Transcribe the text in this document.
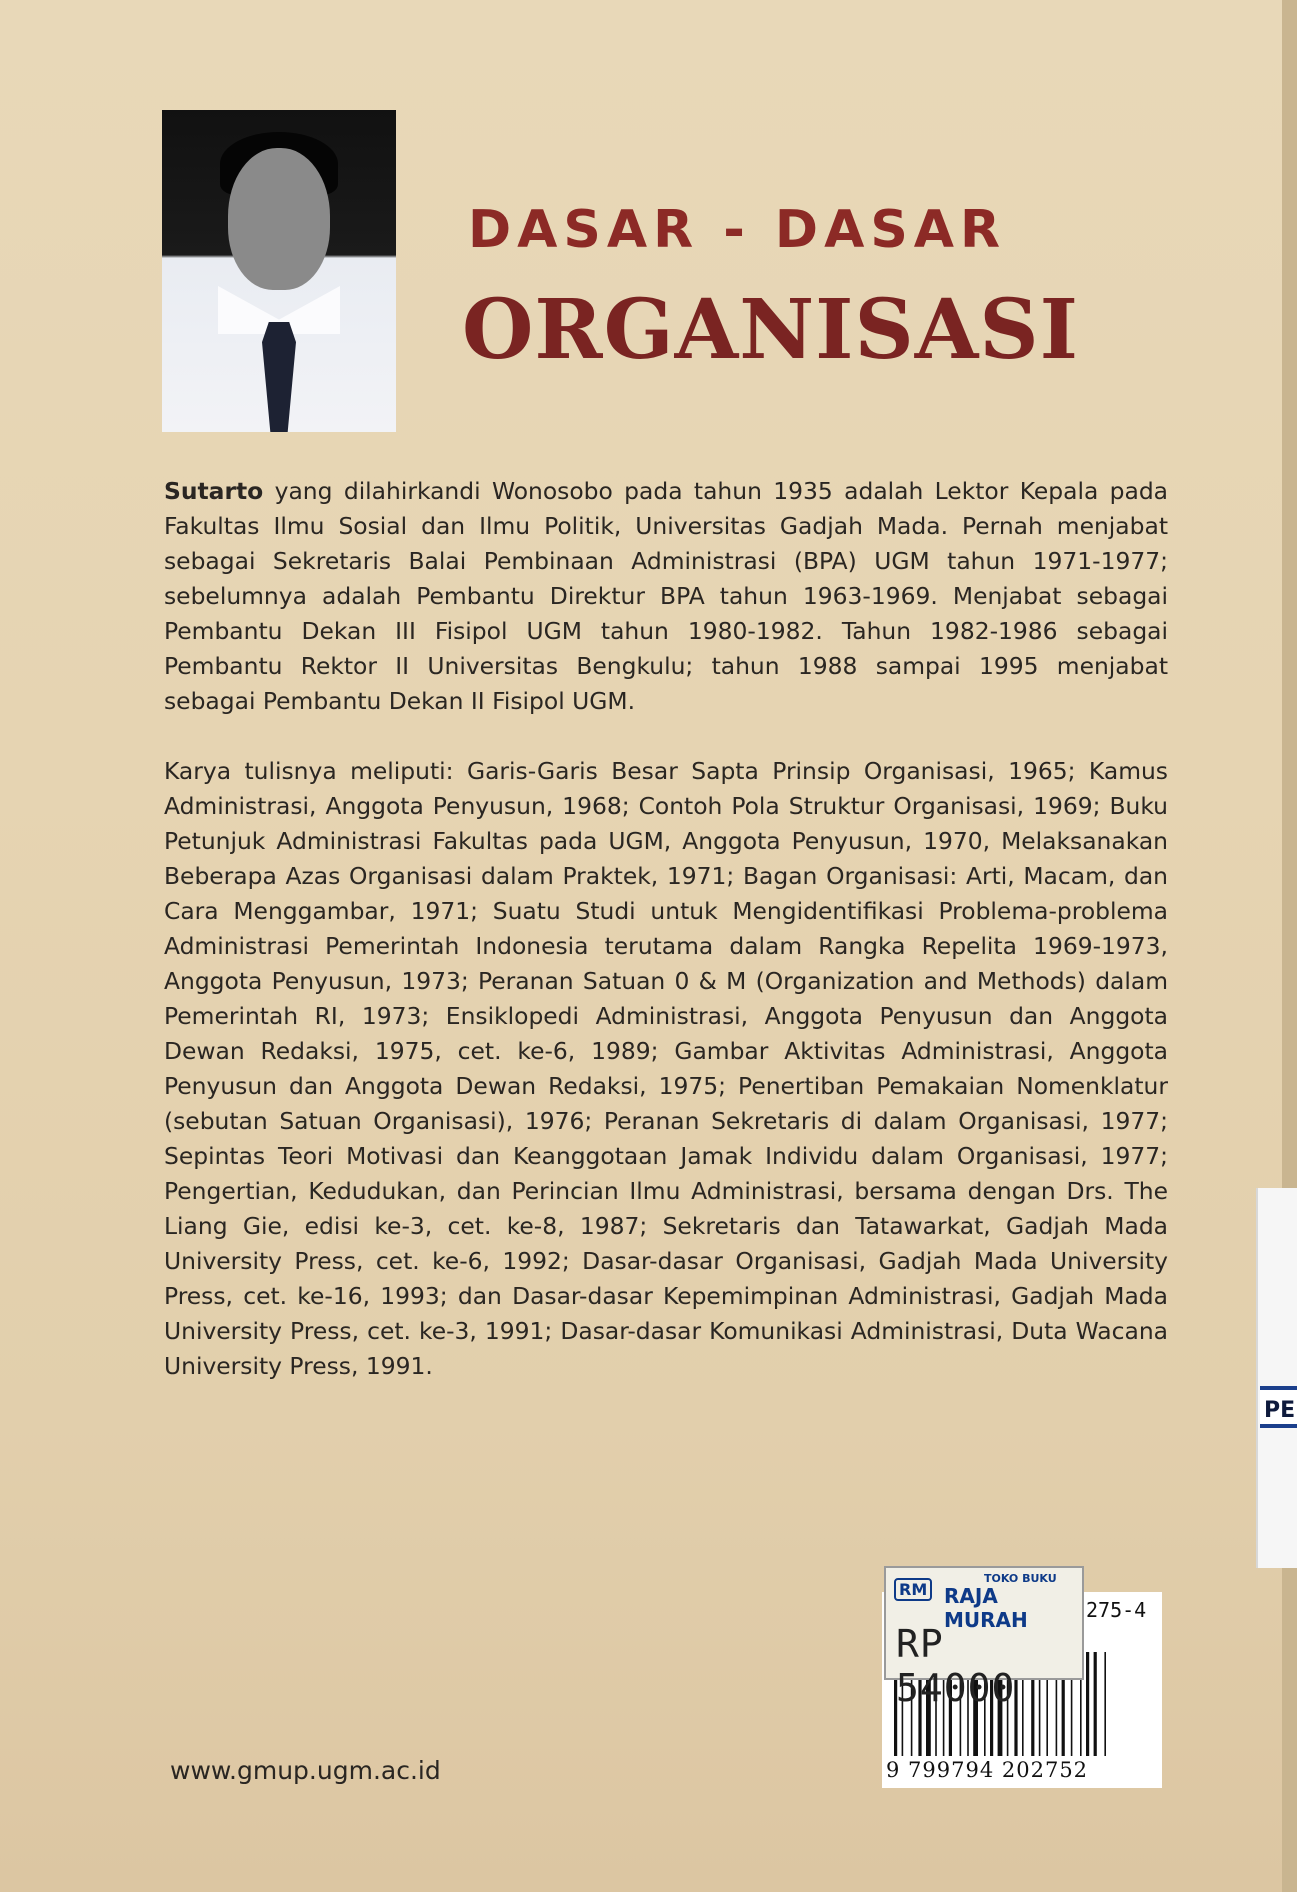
DASAR - DASAR
ORGANISASI
Sutarto yang dilahirkandi Wonosobo pada tahun 1935 adalah Lektor Kepala pada Fakultas Ilmu Sosial dan Ilmu Politik, Universitas Gadjah Mada. Pernah menjabat sebagai Sekretaris Balai Pembinaan Administrasi (BPA) UGM tahun 1971-1977; sebelumnya adalah Pembantu Direktur BPA tahun 1963-1969. Menjabat sebagai Pembantu Dekan III Fisipol UGM tahun 1980-1982. Tahun 1982-1986 sebagai Pembantu Rektor II Universitas Bengkulu; tahun 1988 sampai 1995 menjabat sebagai Pembantu Dekan II Fisipol UGM.
Karya tulisnya meliputi: Garis-Garis Besar Sapta Prinsip Organisasi, 1965; Kamus Administrasi, Anggota Penyusun, 1968; Contoh Pola Struktur Organisasi, 1969; Buku Petunjuk Administrasi Fakultas pada UGM, Anggota Penyusun, 1970, Melaksanakan Beberapa Azas Organisasi dalam Praktek, 1971; Bagan Organisasi: Arti, Macam, dan Cara Menggambar, 1971; Suatu Studi untuk Mengidentifikasi Problema-problema Administrasi Pemerintah Indonesia terutama dalam Rangka Repelita 1969-1973, Anggota Penyusun, 1973; Peranan Satuan 0 & M (Organization and Methods) dalam Pemerintah RI, 1973; Ensiklopedi Administrasi, Anggota Penyusun dan Anggota Dewan Redaksi, 1975, cet. ke-6, 1989; Gambar Aktivitas Administrasi, Anggota Penyusun dan Anggota Dewan Redaksi, 1975; Penertiban Pemakaian Nomenklatur (sebutan Satuan Organisasi), 1976; Peranan Sekretaris di dalam Organisasi, 1977; Sepintas Teori Motivasi dan Keanggotaan Jamak Individu dalam Organisasi, 1977; Pengertian, Kedudukan, dan Perincian Ilmu Administrasi, bersama dengan Drs. The Liang Gie, edisi ke-3, cet. ke-8, 1987; Sekretaris dan Tatawarkat, Gadjah Mada University Press, cet. ke-6, 1992; Dasar-dasar Organisasi, Gadjah Mada University Press, cet. ke-16, 1993; dan Dasar-dasar Kepemimpinan Administrasi, Gadjah Mada University Press, cet. ke-3, 1991; Dasar-dasar Komunikasi Administrasi, Duta Wacana University Press, 1991.
www.gmup.ugm.ac.id
275-4
9 799794 202752
RM
TOKO BUKU
RAJA MURAH
RP 54000
PE
